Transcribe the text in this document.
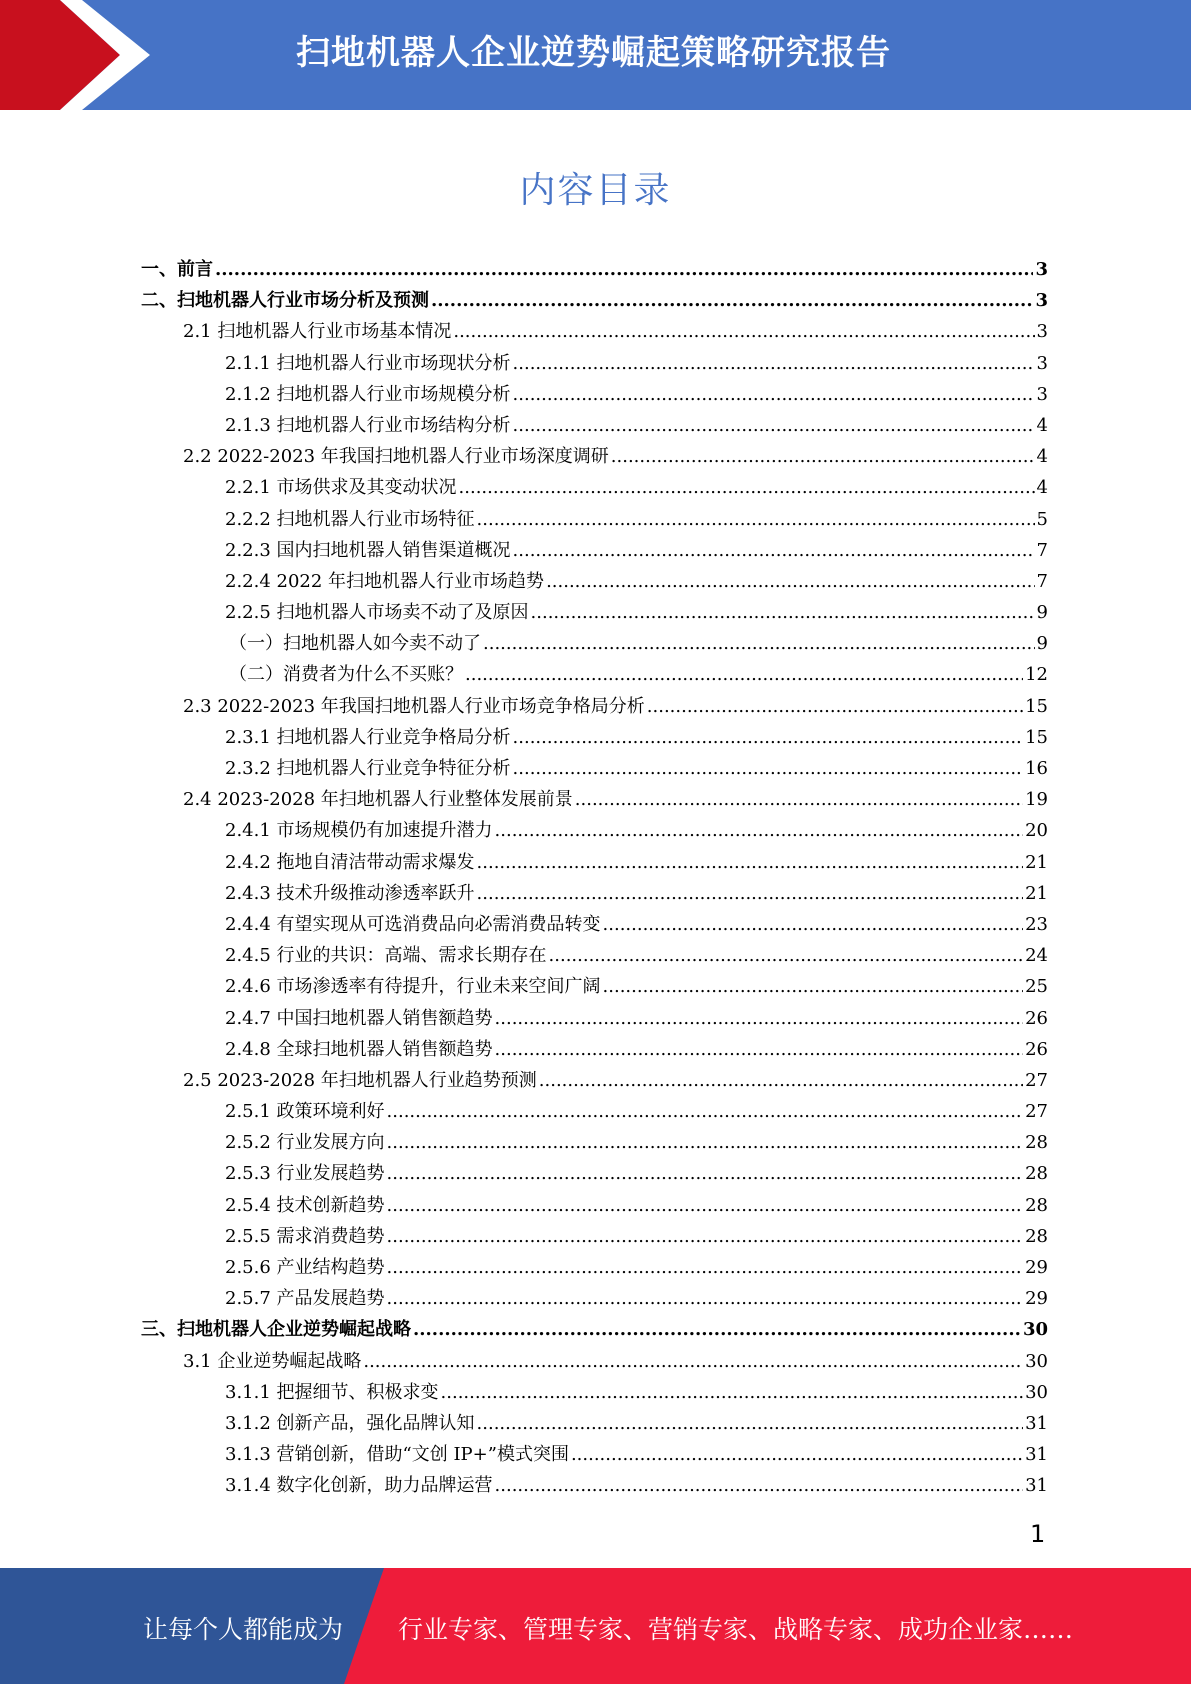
扫地机器人企业逆势崛起策略研究报告
内容目录
一、前言 .....	3
二、扫地机器人行业市场分析及预测 .....	3
2.1 扫地机器人行业市场基本情况 .....	3
2.1.1 扫地机器人行业市场现状分析 .....	3
2.1.2 扫地机器人行业市场规模分析 .....	3
2.1.3 扫地机器人行业市场结构分析 .....	4
2.2 2022-2023 年我国扫地机器人行业市场深度调研 .....	4
2.2.1 市场供求及其变动状况 .....	4
2.2.2 扫地机器人行业市场特征 .....	5
2.2.3 国内扫地机器人销售渠道概况 .....	7
2.2.4 2022 年扫地机器人行业市场趋势 .....	7
2.2.5 扫地机器人市场卖不动了及原因 .....	9
（一）扫地机器人如今卖不动了 .....	9
（二）消费者为什么不买账？ .....	12
2.3 2022-2023 年我国扫地机器人行业市场竞争格局分析 .....	15
2.3.1 扫地机器人行业竞争格局分析 .....	15
2.3.2 扫地机器人行业竞争特征分析 .....	16
2.4 2023-2028 年扫地机器人行业整体发展前景 .....	19
2.4.1 市场规模仍有加速提升潜力 .....	20
2.4.2 拖地自清洁带动需求爆发 .....	21
2.4.3 技术升级推动渗透率跃升 .....	21
2.4.4 有望实现从可选消费品向必需消费品转变 .....	23
2.4.5 行业的共识：高端、需求长期存在 .....	24
2.4.6 市场渗透率有待提升，行业未来空间广阔 .....	25
2.4.7 中国扫地机器人销售额趋势 .....	26
2.4.8 全球扫地机器人销售额趋势 .....	26
2.5 2023-2028 年扫地机器人行业趋势预测 .....	27
2.5.1 政策环境利好 .....	27
2.5.2 行业发展方向 .....	28
2.5.3 行业发展趋势 .....	28
2.5.4 技术创新趋势 .....	28
2.5.5 需求消费趋势 .....	28
2.5.6 产业结构趋势 .....	29
2.5.7 产品发展趋势 .....	29
三、扫地机器人企业逆势崛起战略 .....	30
3.1 企业逆势崛起战略 .....	30
3.1.1 把握细节、积极求变 .....	30
3.1.2 创新产品，强化品牌认知 .....	31
3.1.3 营销创新，借助“文创 IP+”模式突围 .....	31
3.1.4 数字化创新，助力品牌运营 .....	31
1
让每个人都能成为 行业专家、管理专家、营销专家、战略专家、成功企业家……
